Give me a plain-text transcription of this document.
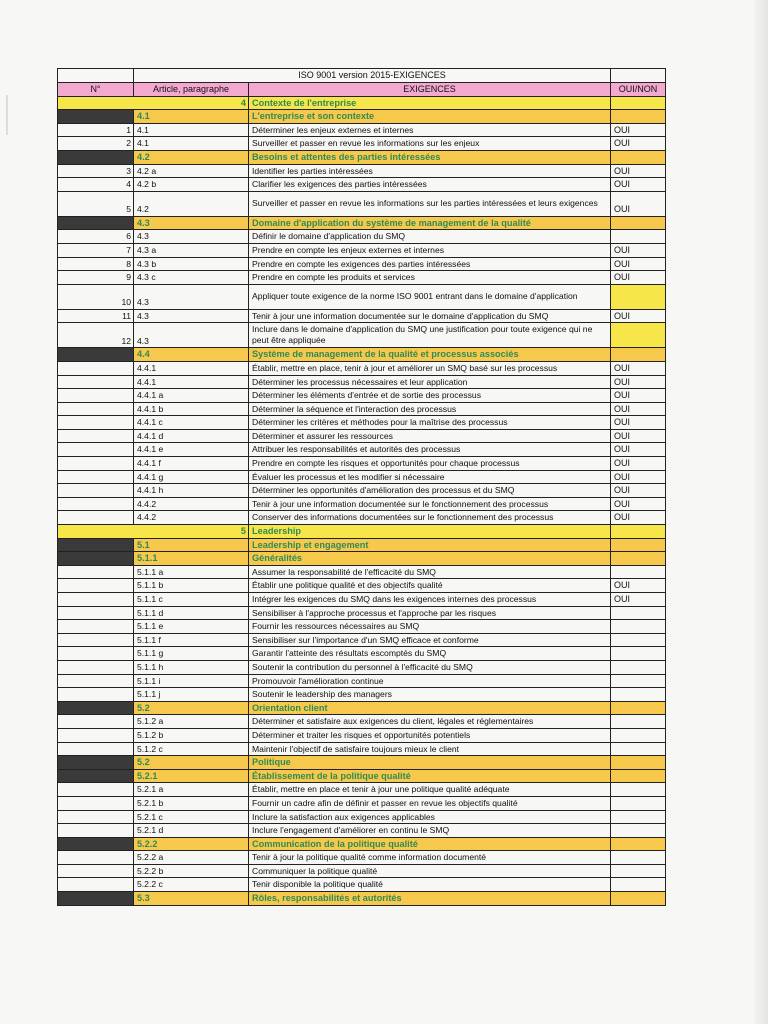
	ISO 9001 version 2015-EXIGENCES		
N°	Article, paragraphe	EXIGENCES	OUI/NON
4		Contexte de l'entreprise	
	4.1	L'entreprise et son contexte	
1	4.1	Déterminer les enjeux externes et internes	OUI
2	4.1	Surveiller et passer en revue les informations sur les enjeux	OUI
	4.2	Besoins et attentes des parties intéressées	
3	4.2 a	Identifier les parties intéressées	OUI
4	4.2 b	Clarifier les exigences des parties intéressées	OUI
5	4.2	Surveiller et passer en revue les informations sur les parties intéressées et leurs exigences	OUI
	4.3	Domaine d'application du système de management de la qualité	
6	4.3	Définir le domaine d'application du SMQ	
7	4.3 a	Prendre en compte les enjeux externes et internes	OUI
8	4.3 b	Prendre en compte les exigences des parties intéressées	OUI
9	4.3 c	Prendre en compte les produits et services	OUI
10	4.3	Appliquer toute exigence de la norme ISO 9001 entrant dans le domaine d'application	
11	4.3	Tenir à jour une information documentée sur le domaine d'application du SMQ	OUI
12	4.3	Inclure dans le domaine d'application du SMQ une justification pour toute exigence qui ne peut être appliquée	
	4.4	Système de management de la qualité et processus associés	
	4.4.1	Établir, mettre en place, tenir à jour et améliorer un SMQ basé sur les processus	OUI
	4.4.1	Déterminer les processus nécessaires et leur application	OUI
	4.4.1 a	Déterminer les éléments d'entrée et de sortie des processus	OUI
	4.4.1 b	Déterminer la séquence et l'interaction des processus	OUI
	4.4.1 c	Déterminer les critères et méthodes pour la maîtrise des processus	OUI
	4.4.1 d	Déterminer et assurer les ressources	OUI
	4.4.1 e	Attribuer les responsabilités et autorités des processus	OUI
	4.4.1 f	Prendre en compte les risques et opportunités pour chaque processus	OUI
	4.4.1 g	Évaluer les processus et les modifier si nécessaire	OUI
	4.4.1 h	Déterminer les opportunités d'amélioration des processus et du SMQ	OUI
	4.4.2	Tenir à jour une information documentée sur le fonctionnement des processus	OUI
	4.4.2	Conserver des informations documentées sur le fonctionnement des processus	OUI
5		Leadership	
	5.1	Leadership et engagement	
	5.1.1	Généralités	
	5.1.1 a	Assumer la responsabilité de l'efficacité du SMQ	
	5.1.1 b	Établir une politique qualité et des objectifs qualité	OUI
	5.1.1 c	Intégrer les exigences du SMQ dans les exigences internes des processus	OUI
	5.1.1 d	Sensibiliser à l'approche processus et l'approche par les risques	
	5.1.1 e	Fournir les ressources nécessaires au SMQ	
	5.1.1 f	Sensibiliser sur l'importance d'un SMQ efficace et conforme	
	5.1.1 g	Garantir l'atteinte des résultats escomptés du SMQ	
	5.1.1 h	Soutenir la contribution du personnel à l'efficacité du SMQ	
	5.1.1 i	Promouvoir l'amélioration continue	
	5.1.1 j	Soutenir le leadership des managers	
	5.2	Orientation client	
	5.1.2 a	Déterminer et satisfaire aux exigences du client, légales et réglementaires	
	5.1.2 b	Déterminer et traiter les risques et opportunités potentiels	
	5.1.2 c	Maintenir l'objectif de satisfaire toujours mieux le client	
	5.2	Politique	
	5.2.1	Établissement de la politique qualité	
	5.2.1 a	Établir, mettre en place et tenir à jour une politique qualité adéquate	
	5.2.1 b	Fournir un cadre afin de définir et passer en revue les objectifs qualité	
	5.2.1 c	Inclure la satisfaction aux exigences applicables	
	5.2.1 d	Inclure l'engagement d'améliorer en continu le SMQ	
	5.2.2	Communication de la politique qualité	
	5.2.2 a	Tenir à jour la politique qualité comme information documenté	
	5.2.2 b	Communiquer la politique qualité	
	5.2.2 c	Tenir disponible la politique qualité	
	5.3	Rôles, responsabilités et autorités	
